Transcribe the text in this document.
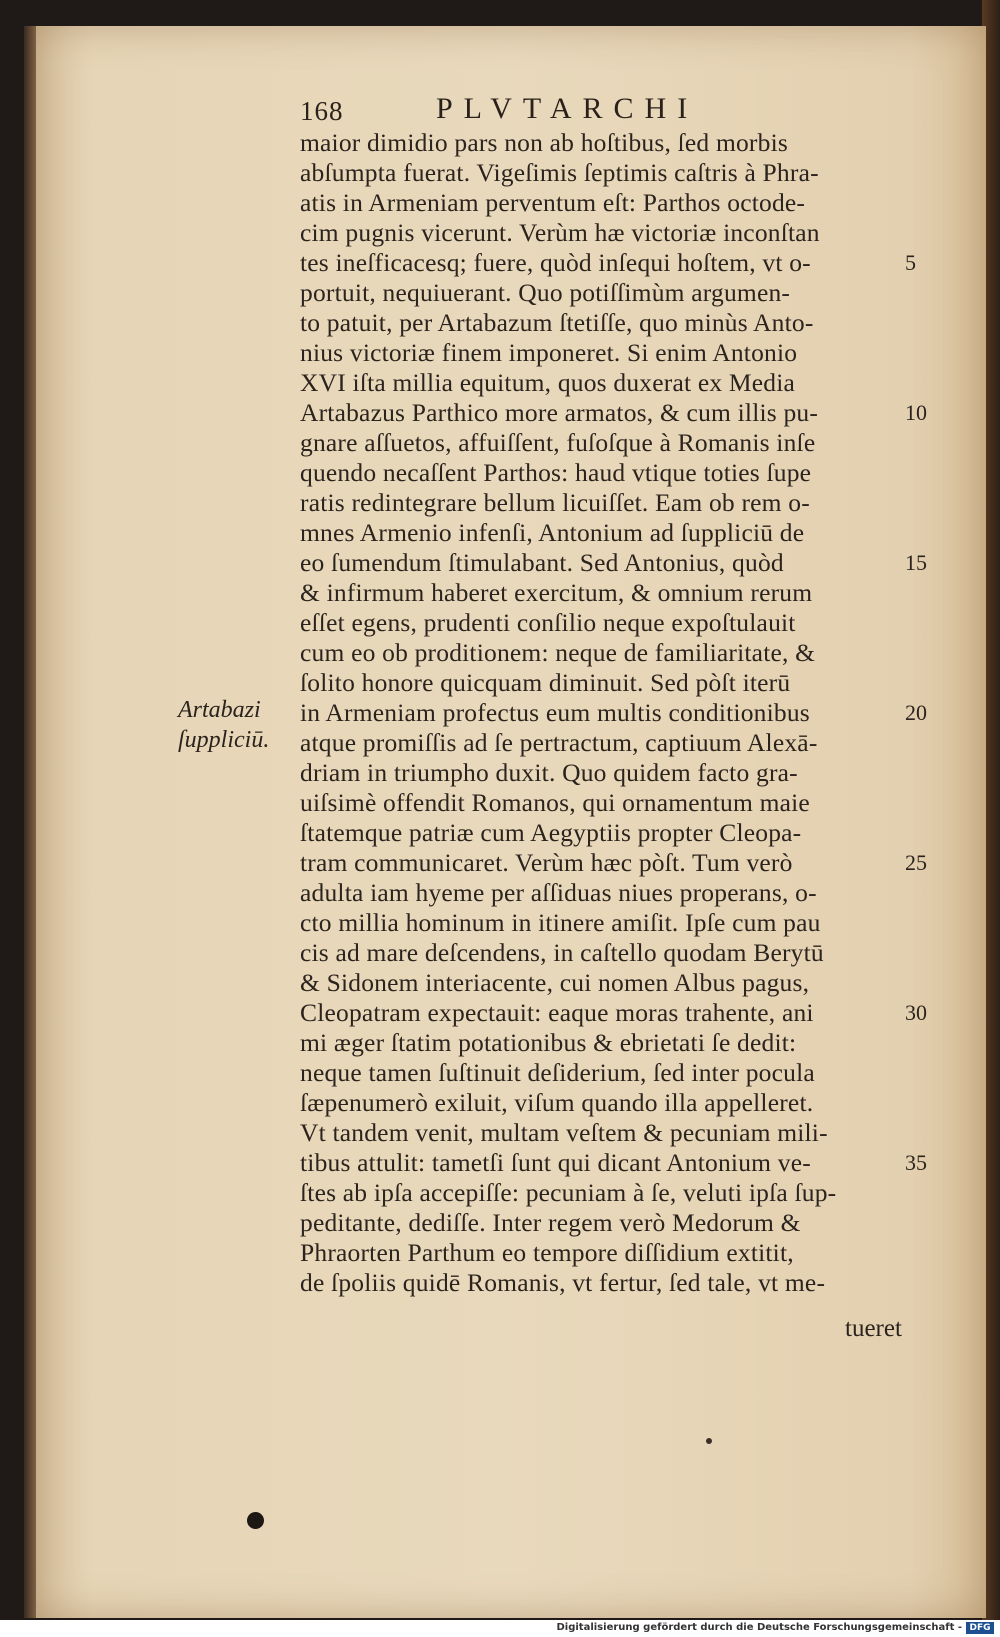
168	PLVTARCHI
maior dimidio pars non ab hoſtibus, ſed morbis
abſumpta fuerat. Vigeſimis ſeptimis caſtris à Phra-
atis in Armeniam perventum eſt: Parthos octode-
cim pugnis vicerunt. Verùm hæ victoriæ inconſtan
tes ineſficacesq; fuere, quòd inſequi hoſtem, vt o-
portuit, nequiuerant. Quo potiſſimùm argumen-
to patuit, per Artabazum ſtetiſſe, quo minùs Anto-
nius victoriæ finem imponeret. Si enim Antonio
XVI iſta millia equitum, quos duxerat ex Media
Artabazus Parthico more armatos, & cum illis pu-
gnare aſſuetos, affuiſſent, fuſoſque à Romanis inſe
quendo necaſſent Parthos: haud vtique toties ſupe
ratis redintegrare bellum licuiſſet. Eam ob rem o-
mnes Armenio infenſi, Antonium ad ſuppliciū de
eo ſumendum ſtimulabant. Sed Antonius, quòd
& infirmum haberet exercitum, & omnium rerum
eſſet egens, prudenti conſilio neque expoſtulauit
cum eo ob proditionem: neque de familiaritate, &
ſolito honore quicquam diminuit. Sed pòſt iterū
in Armeniam profectus eum multis conditionibus
atque promiſſis ad ſe pertractum, captiuum Alexā-
driam in triumpho duxit. Quo quidem facto gra-
uiſsimè offendit Romanos, qui ornamentum maie
ſtatemque patriæ cum Aegyptiis propter Cleopa-
tram communicaret. Verùm hæc pòſt. Tum verò
adulta iam hyeme per aſſiduas niues properans, o-
cto millia hominum in itinere amiſit. Ipſe cum pau
cis ad mare deſcendens, in caſtello quodam Berytū
& Sidonem interiacente, cui nomen Albus pagus,
Cleopatram expectauit: eaque moras trahente, ani
mi æger ſtatim potationibus & ebrietati ſe dedit:
neque tamen ſuſtinuit deſiderium, ſed inter pocula
ſæpenumerò exiluit, viſum quando illa appelleret.
Vt tandem venit, multam veſtem & pecuniam mili-
tibus attulit: tametſi ſunt qui dicant Antonium ve-
ſtes ab ipſa accepiſſe: pecuniam à ſe, veluti ipſa ſup-
peditante, dediſſe. Inter regem verò Medorum &
Phraorten Parthum eo tempore diſſidium extitit,
de ſpoliis quidē Romanis, vt fertur, ſed tale, vt me-
5
10
15
20
25
30
35
Artabazi
ſuppliciū.
tueret
Digitalisierung gefördert durch die Deutsche Forschungsgemeinschaft - DFG
